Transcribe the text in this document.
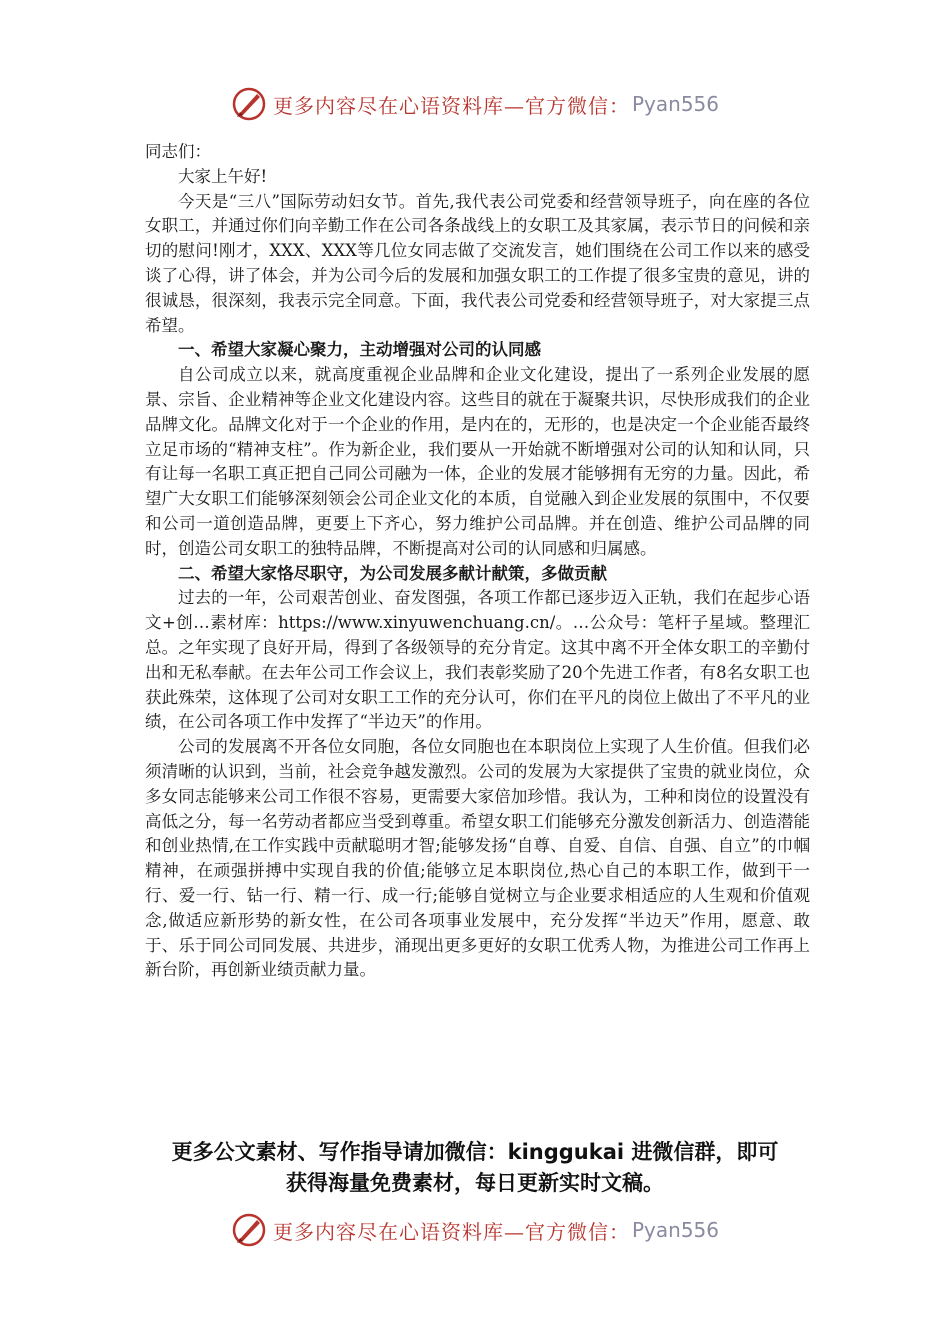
更多内容尽在心语资料库—官方微信： Pyan556

同志们：

大家上午好!

今天是“三八”国际劳动妇女节。首先,我代表公司党委和经营领导班子，向在座的各位女职工，并通过你们向辛勤工作在公司各条战线上的女职工及其家属，表示节日的问候和亲切的慰问!刚才，XXX、XXX等几位女同志做了交流发言，她们围绕在公司工作以来的感受谈了心得，讲了体会，并为公司今后的发展和加强女职工的工作提了很多宝贵的意见，讲的很诚恳，很深刻，我表示完全同意。下面，我代表公司党委和经营领导班子，对大家提三点希望。

一、希望大家凝心聚力，主动增强对公司的认同感

自公司成立以来，就高度重视企业品牌和企业文化建设，提出了一系列企业发展的愿景、宗旨、企业精神等企业文化建设内容。这些目的就在于凝聚共识，尽快形成我们的企业品牌文化。品牌文化对于一个企业的作用，是内在的，无形的，也是决定一个企业能否最终立足市场的“精神支柱”。作为新企业，我们要从一开始就不断增强对公司的认知和认同，只有让每一名职工真正把自己同公司融为一体，企业的发展才能够拥有无穷的力量。因此，希望广大女职工们能够深刻领会公司企业文化的本质，自觉融入到企业发展的氛围中，不仅要和公司一道创造品牌，更要上下齐心，努力维护公司品牌。并在创造、维护公司品牌的同时，创造公司女职工的独特品牌，不断提高对公司的认同感和归属感。

二、希望大家恪尽职守，为公司发展多献计献策，多做贡献

过去的一年，公司艰苦创业、奋发图强，各项工作都已逐步迈入正轨，我们在起步心语文+创…素材库：https://www.xinyuwenchuang.cn/。…公众号：笔杆子星域。整理汇总。之年实现了良好开局，得到了各级领导的充分肯定。这其中离不开全体女职工的辛勤付出和无私奉献。在去年公司工作会议上，我们表彰奖励了20个先进工作者，有8名女职工也获此殊荣，这体现了公司对女职工工作的充分认可，你们在平凡的岗位上做出了不平凡的业绩，在公司各项工作中发挥了“半边天”的作用。

公司的发展离不开各位女同胞，各位女同胞也在本职岗位上实现了人生价值。但我们必须清晰的认识到，当前，社会竞争越发激烈。公司的发展为大家提供了宝贵的就业岗位，众多女同志能够来公司工作很不容易，更需要大家倍加珍惜。我认为，工种和岗位的设置没有高低之分，每一名劳动者都应当受到尊重。希望女职工们能够充分激发创新活力、创造潜能和创业热情,在工作实践中贡献聪明才智;能够发扬“自尊、自爱、自信、自强、自立”的巾帼精神，在顽强拼搏中实现自我的价值;能够立足本职岗位,热心自己的本职工作，做到干一行、爱一行、钻一行、精一行、成一行;能够自觉树立与企业要求相适应的人生观和价值观念,做适应新形势的新女性，在公司各项事业发展中，充分发挥“半边天”作用，愿意、敢于、乐于同公司同发展、共进步，涌现出更多更好的女职工优秀人物，为推进公司工作再上新台阶，再创新业绩贡献力量。

更多公文素材、写作指导请加微信：kinggukai 进微信群，即可
获得海量免费素材，每日更新实时文稿。
更多内容尽在心语资料库—官方微信： Pyan556
